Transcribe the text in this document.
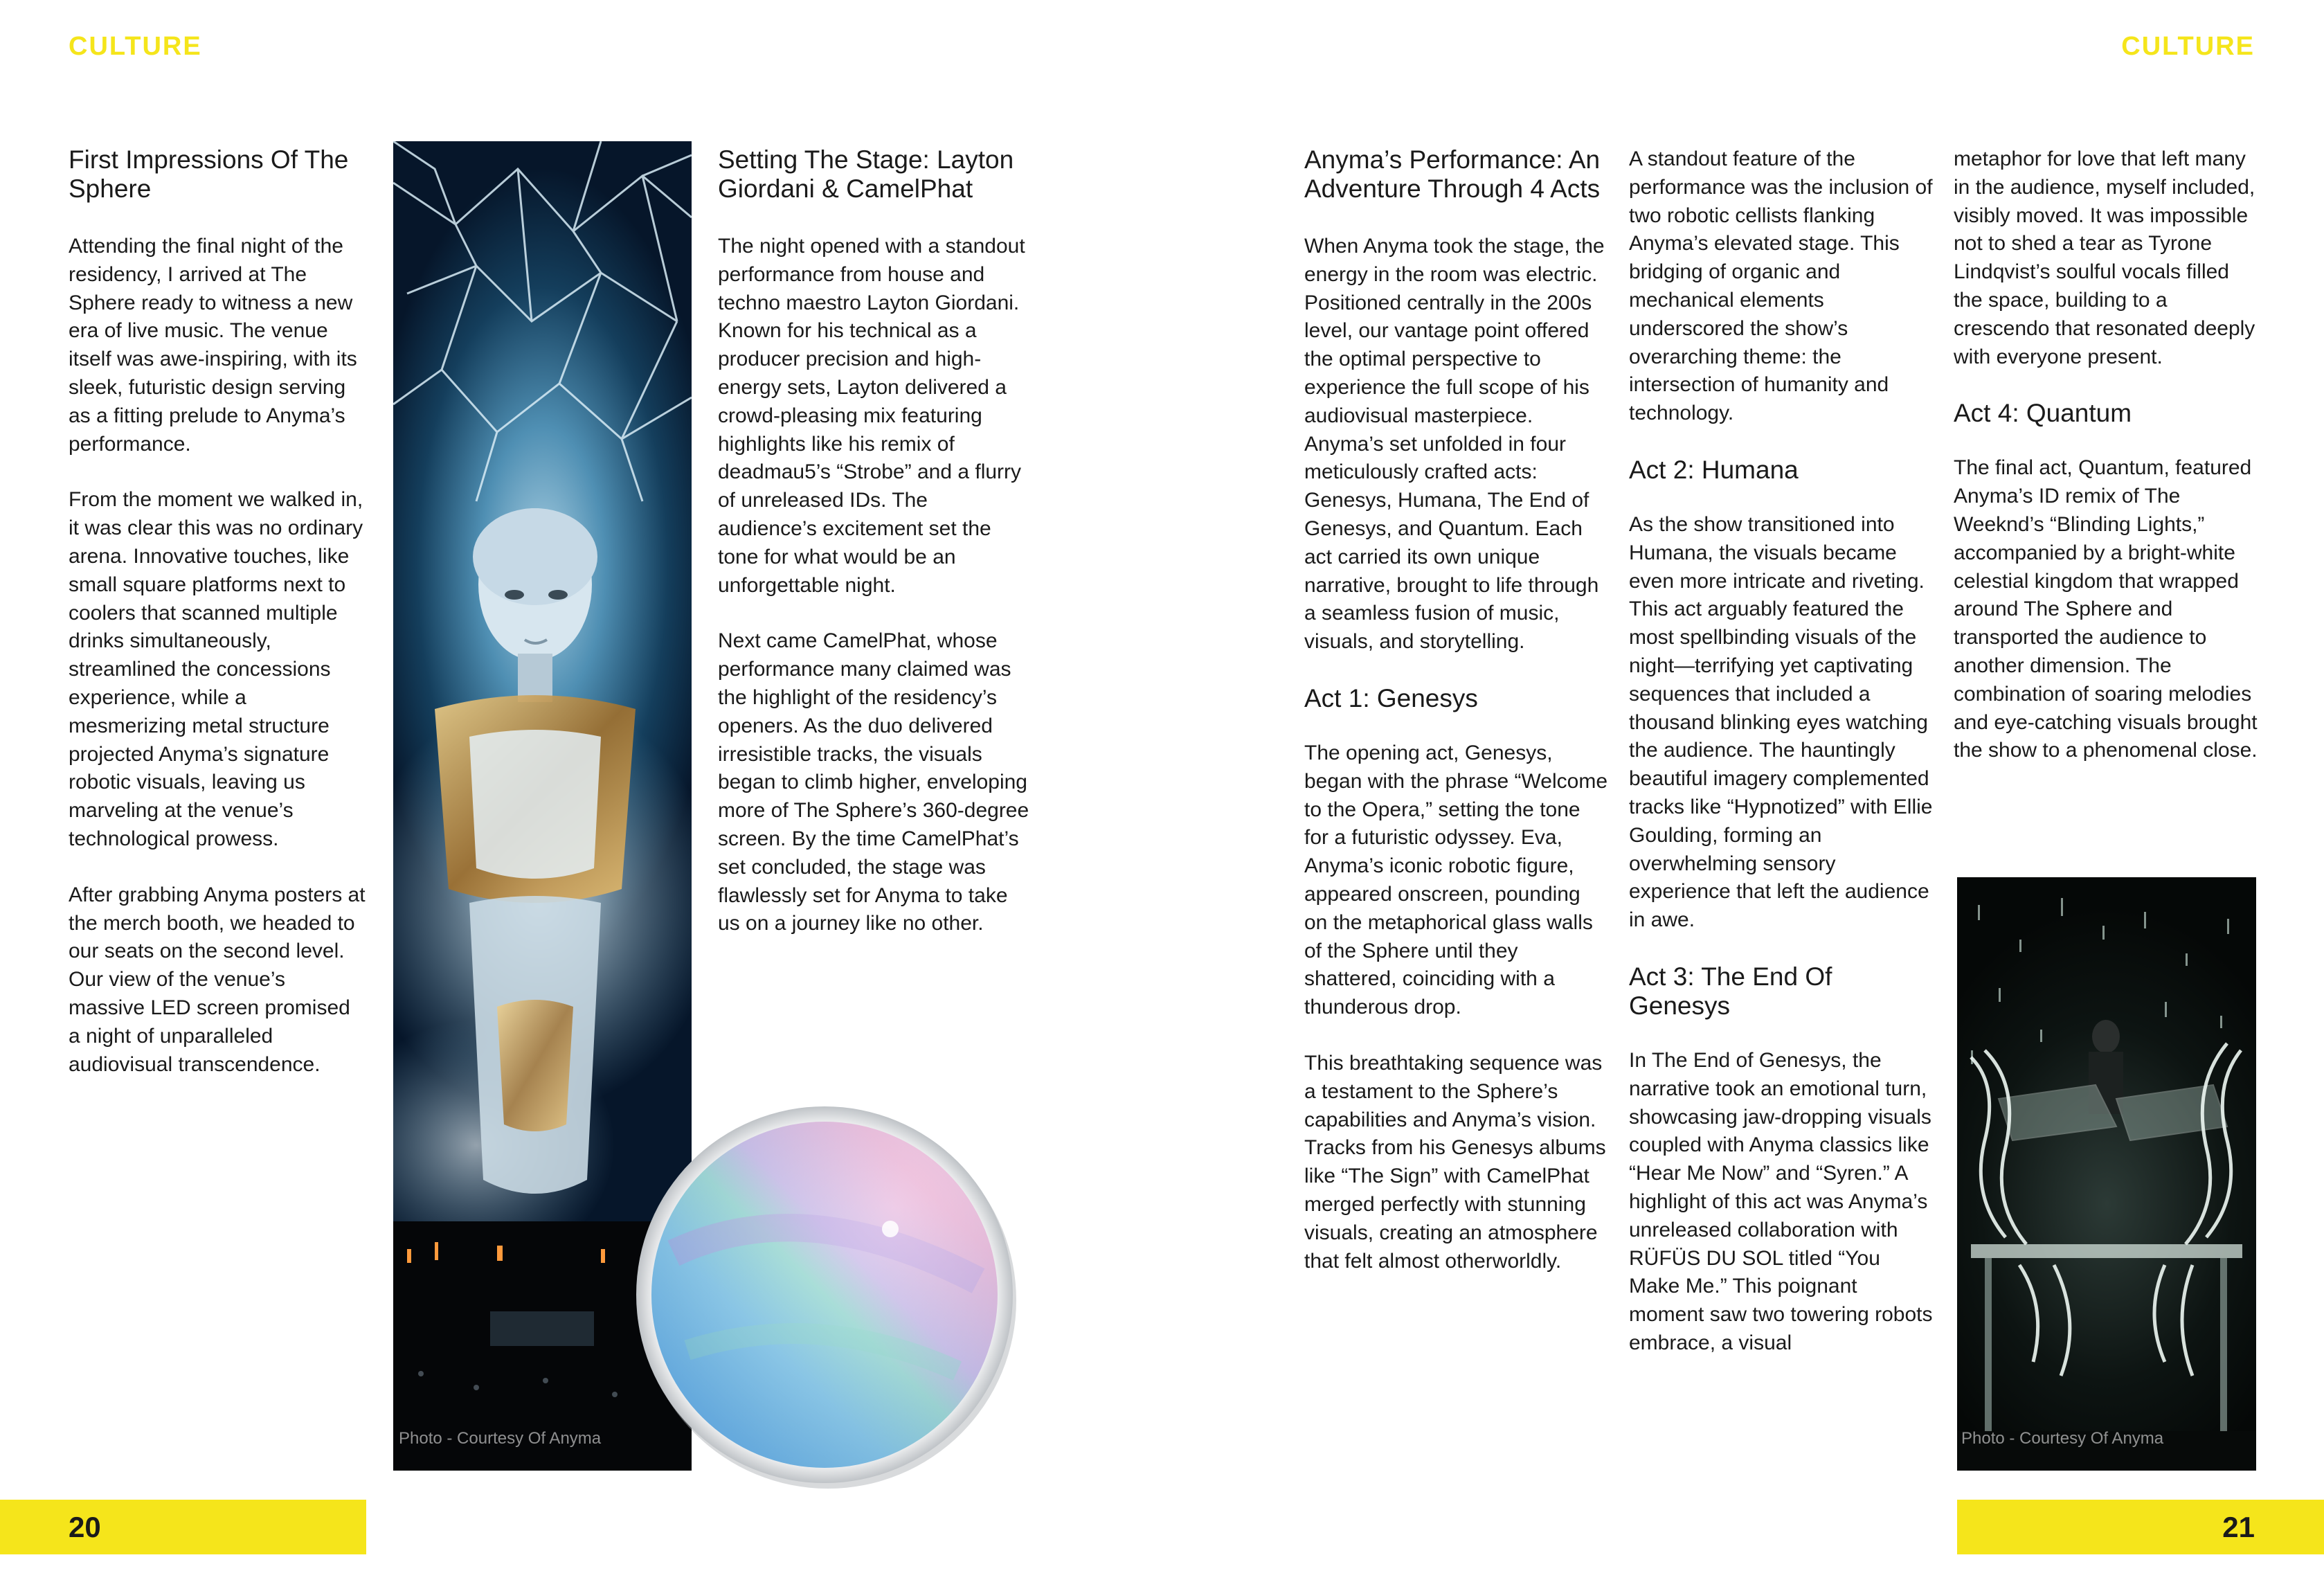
CULTURE
First Impressions Of The Sphere

Attending the final night of the residency, I arrived at The Sphere ready to witness a new era of live music. The venue itself was awe-inspiring, with its sleek, futuristic design serving as a fitting prelude to Anyma’s performance.

From the moment we walked in, it was clear this was no ordinary arena. Innovative touches, like small square platforms next to coolers that scanned multiple drinks simultaneously, streamlined the concessions experience, while a mesmerizing metal structure projected Anyma’s signature robotic visuals, leaving us marveling at the venue’s technological prowess.

After grabbing Anyma posters at the merch booth, we headed to our seats on the second level. Our view of the venue’s massive LED screen promised a night of unparalleled audiovisual transcendence.

Photo - Courtesy Of Anyma
Setting The Stage: Layton Giordani & CamelPhat

The night opened with a standout performance from house and techno maestro Layton Giordani. Known for his technical as a producer precision and high-energy sets, Layton delivered a crowd-pleasing mix featuring highlights like his remix of deadmau5’s “Strobe” and a flurry of unreleased IDs. The audience’s excitement set the tone for what would be an unforgettable night.

Next came CamelPhat, whose performance many claimed was the highlight of the residency’s openers. As the duo delivered irresistible tracks, the visuals began to climb higher, enveloping more of The Sphere’s 360-degree screen. By the time CamelPhat’s set concluded, the stage was flawlessly set for Anyma to take us on a journey like no other.

20
CULTURE
Anyma’s Performance: An Adventure Through 4 Acts

When Anyma took the stage, the energy in the room was electric. Positioned centrally in the 200s level, our vantage point offered the optimal perspective to experience the full scope of his audiovisual masterpiece. Anyma’s set unfolded in four meticulously crafted acts: Genesys, Humana, The End of Genesys, and Quantum. Each act carried its own unique narrative, brought to life through a seamless fusion of music, visuals, and storytelling.

Act 1: Genesys

The opening act, Genesys, began with the phrase “Welcome to the Opera,” setting the tone for a futuristic odyssey. Eva, Anyma’s iconic robotic figure, appeared onscreen, pounding on the metaphorical glass walls of the Sphere until they shattered, coinciding with a thunderous drop.

This breathtaking sequence was a testament to the Sphere’s capabilities and Anyma’s vision. Tracks from his Genesys albums like “The Sign” with CamelPhat merged perfectly with stunning visuals, creating an atmosphere that felt almost otherworldly.

A standout feature of the performance was the inclusion of two robotic cellists flanking Anyma’s elevated stage. This bridging of organic and mechanical elements underscored the show’s overarching theme: the intersection of humanity and technology.

Act 2: Humana

As the show transitioned into Humana, the visuals became even more intricate and riveting. This act arguably featured the most spellbinding visuals of the night—terrifying yet captivating sequences that included a thousand blinking eyes watching the audience. The hauntingly beautiful imagery complemented tracks like “Hypnotized” with Ellie Goulding, forming an overwhelming sensory experience that left the audience in awe.

Act 3: The End Of Genesys

In The End of Genesys, the narrative took an emotional turn, showcasing jaw-dropping visuals coupled with Anyma classics like “Hear Me Now” and “Syren.” A highlight of this act was Anyma’s unreleased collaboration with RÜFÜS DU SOL titled “You Make Me.” This poignant moment saw two towering robots embrace, a visual

metaphor for love that left many in the audience, myself included, visibly moved. It was impossible not to shed a tear as Tyrone Lindqvist’s soulful vocals filled the space, building to a crescendo that resonated deeply with everyone present.

Act 4: Quantum

The final act, Quantum, featured Anyma’s ID remix of The Weeknd’s “Blinding Lights,” accompanied by a bright-white celestial kingdom that wrapped around The Sphere and transported the audience to another dimension. The combination of soaring melodies and eye-catching visuals brought the show to a phenomenal close.

Photo - Courtesy Of Anyma
21
